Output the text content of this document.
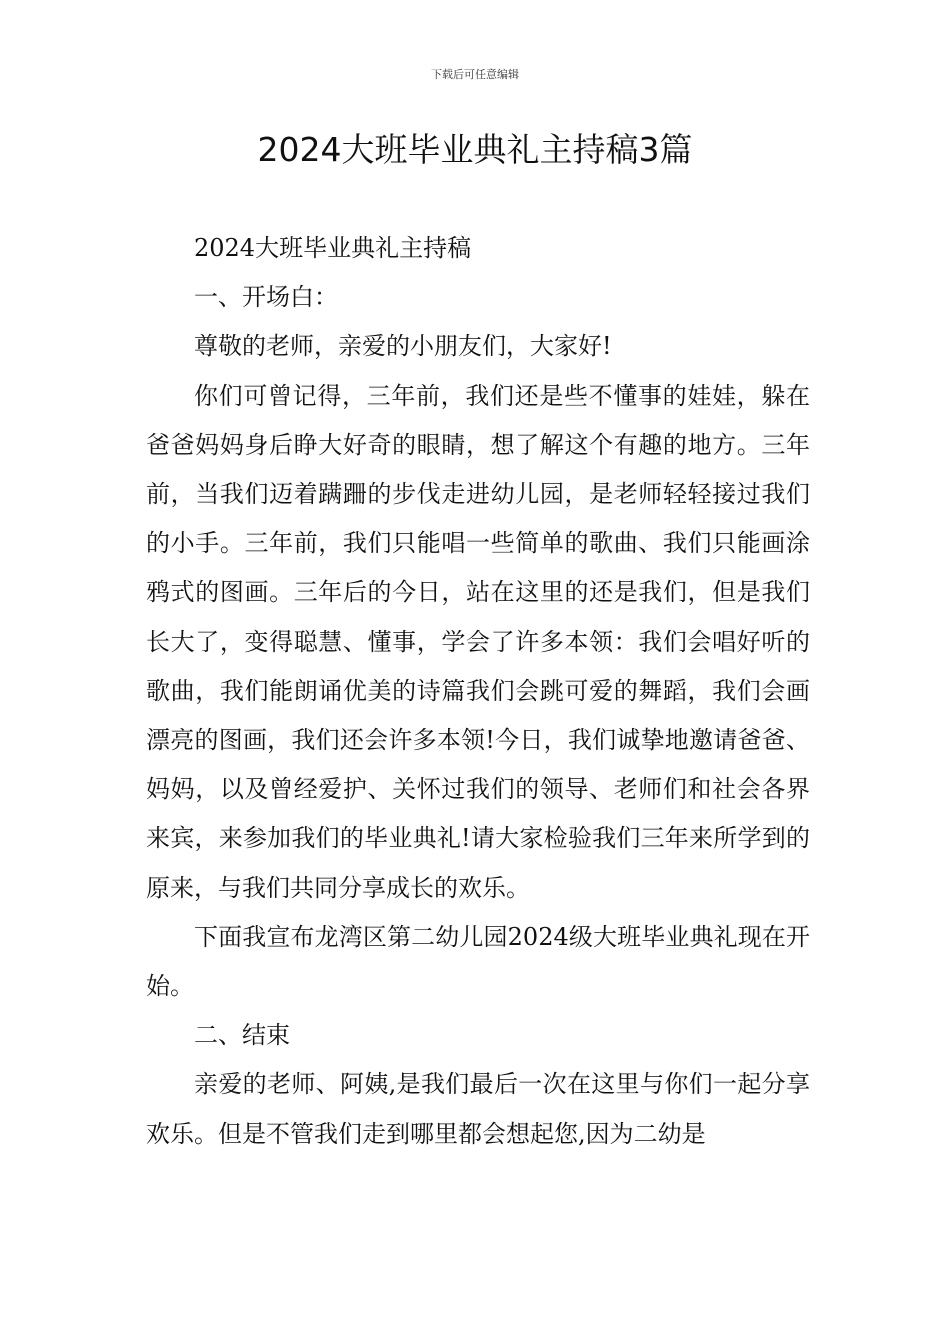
下载后可任意编辑
2024大班毕业典礼主持稿3篇

2024大班毕业典礼主持稿

一、开场白：

尊敬的老师，亲爱的小朋友们，大家好!

你们可曾记得，三年前，我们还是些不懂事的娃娃，躲在爸爸妈妈身后睁大好奇的眼睛，想了解这个有趣的地方。三年前，当我们迈着蹒跚的步伐走进幼儿园，是老师轻轻接过我们的小手。三年前，我们只能唱一些简单的歌曲、我们只能画涂鸦式的图画。三年后的今日，站在这里的还是我们，但是我们长大了，变得聪慧、懂事，学会了许多本领：我们会唱好听的歌曲，我们能朗诵优美的诗篇我们会跳可爱的舞蹈，我们会画漂亮的图画，我们还会许多本领!今日，我们诚挚地邀请爸爸、妈妈，以及曾经爱护、关怀过我们的领导、老师们和社会各界来宾，来参加我们的毕业典礼!请大家检验我们三年来所学到的原来，与我们共同分享成长的欢乐。

下面我宣布龙湾区第二幼儿园2024级大班毕业典礼现在开始。

二、结束

亲爱的老师、阿姨,是我们最后一次在这里与你们一起分享欢乐。但是不管我们走到哪里都会想起您,因为二幼是
